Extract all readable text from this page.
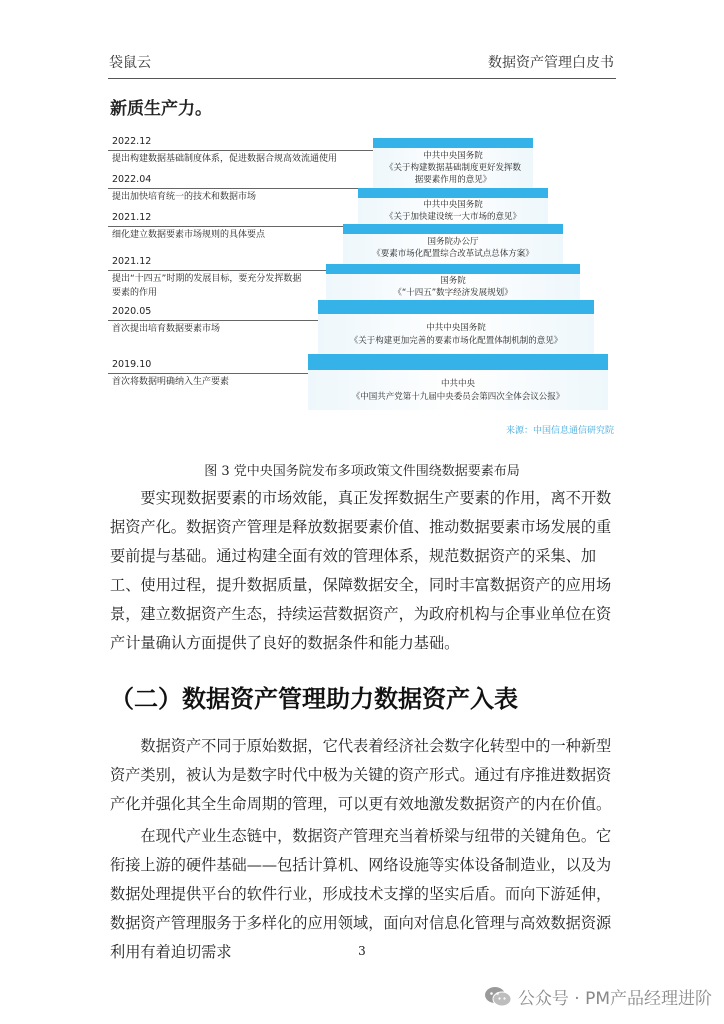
袋鼠云	数据资产管理白皮书
新质生产力。
2022.12
提出构建数据基础制度体系，促进数据合规高效流通使用
2022.04
提出加快培育统一的技术和数据市场
2021.12
细化建立数据要素市场规则的具体要点
2021.12
提出“十四五”时期的发展目标，要充分发挥数据要素的作用
2020.05
首次提出培育数据要素市场
2019.10
首次将数据明确纳入生产要素
中共中央国务院
《关于构建数据基础制度更好发挥数据要素作用的意见》
中共中央国务院
《关于加快建设统一大市场的意见》
国务院办公厅
《要素市场化配置综合改革试点总体方案》
国务院
《“十四五”数字经济发展规划》
中共中央国务院
《关于构建更加完善的要素市场化配置体制机制的意见》
中共中央
《中国共产党第十九届中央委员会第四次全体会议公报》
来源：中国信息通信研究院
图 3 党中央国务院发布多项政策文件围绕数据要素布局

要实现数据要素的市场效能，真正发挥数据生产要素的作用，离不开数据资产化。数据资产管理是释放数据要素价值、推动数据要素市场发展的重要前提与基础。通过构建全面有效的管理体系，规范数据资产的采集、加工、使用过程，提升数据质量，保障数据安全，同时丰富数据资产的应用场景，建立数据资产生态，持续运营数据资产，为政府机构与企事业单位在资产计量确认方面提供了良好的数据条件和能力基础。

（二）数据资产管理助力数据资产入表

数据资产不同于原始数据，它代表着经济社会数字化转型中的一种新型资产类别，被认为是数字时代中极为关键的资产形式。通过有序推进数据资产化并强化其全生命周期的管理，可以更有效地激发数据资产的内在价值。

在现代产业生态链中，数据资产管理充当着桥梁与纽带的关键角色。它衔接上游的硬件基础——包括计算机、网络设施等实体设备制造业，以及为数据处理提供平台的软件行业，形成技术支撑的坚实后盾。而向下游延伸，数据资产管理服务于多样化的应用领域，面向对信息化管理与高效数据资源利用有着迫切需求	3
公众号 · PM产品经理进阶
